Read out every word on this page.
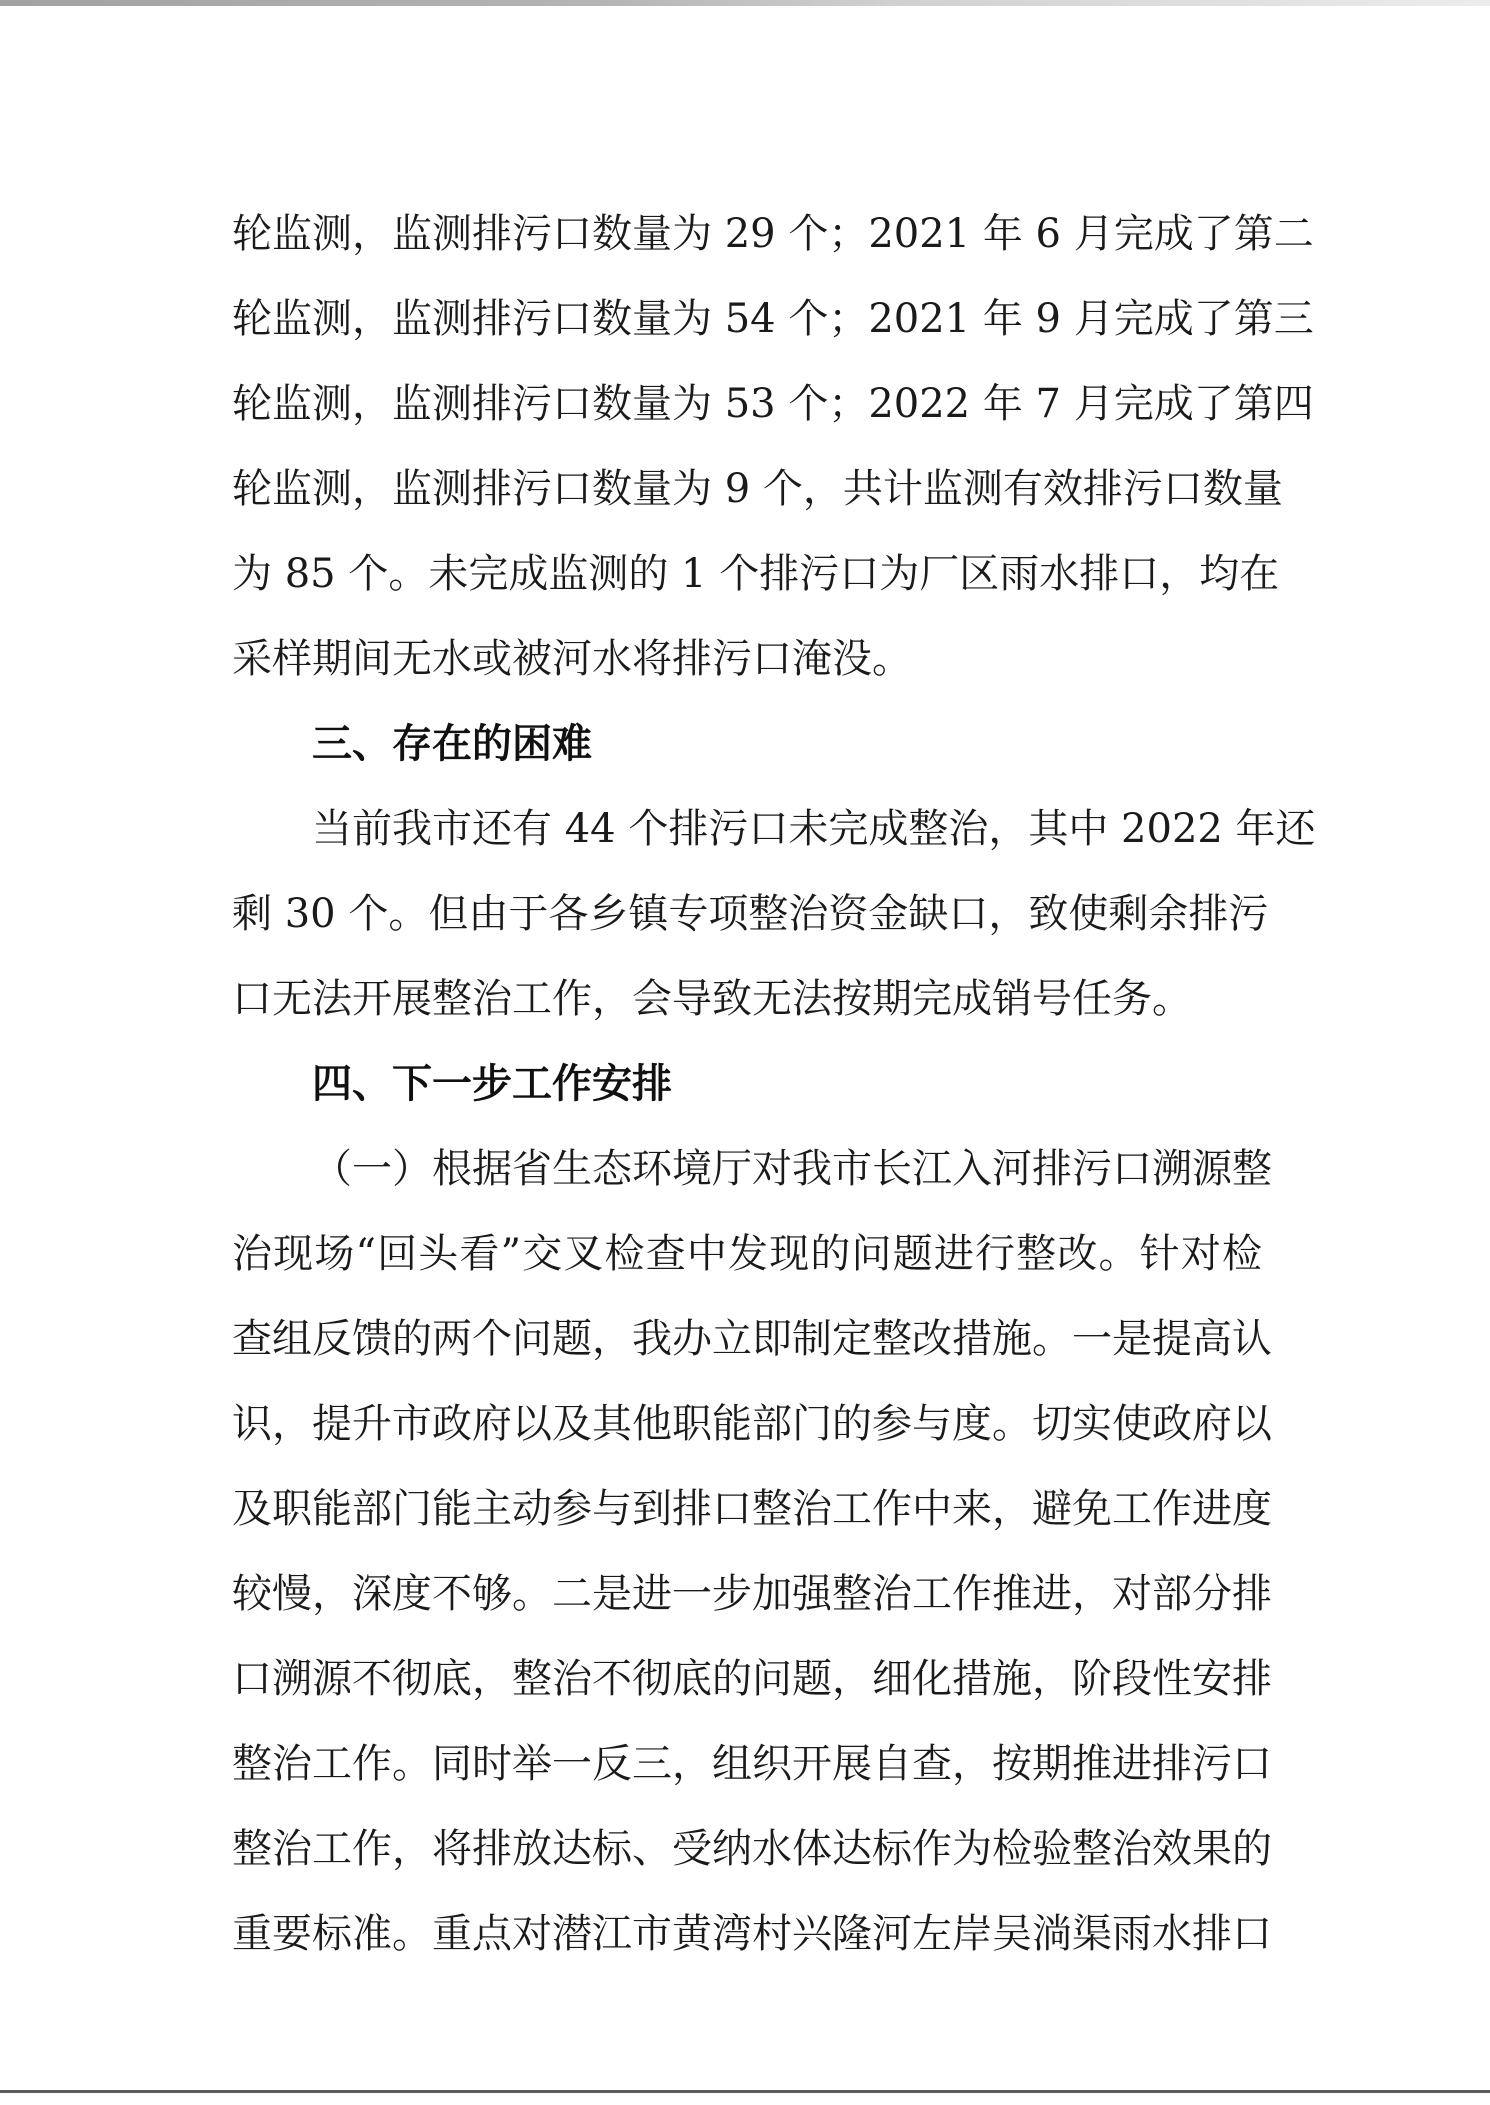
轮监测，监测排污口数量为 29 个；2021 年 6 月完成了第二
轮监测，监测排污口数量为 54 个；2021 年 9 月完成了第三
轮监测，监测排污口数量为 53 个；2022 年 7 月完成了第四
轮监测，监测排污口数量为 9 个，共计监测有效排污口数量
为 85 个。未完成监测的 1 个排污口为厂区雨水排口，均在
采样期间无水或被河水将排污口淹没。
三、存在的困难
当前我市还有 44 个排污口未完成整治，其中 2022 年还
剩 30 个。但由于各乡镇专项整治资金缺口，致使剩余排污
口无法开展整治工作，会导致无法按期完成销号任务。
四、下一步工作安排
（一）根据省生态环境厅对我市长江入河排污口溯源整
治现场“回头看”交叉检查中发现的问题进行整改。针对检
查组反馈的两个问题，我办立即制定整改措施。一是提高认
识，提升市政府以及其他职能部门的参与度。切实使政府以
及职能部门能主动参与到排口整治工作中来，避免工作进度
较慢，深度不够。二是进一步加强整治工作推进，对部分排
口溯源不彻底，整治不彻底的问题，细化措施，阶段性安排
整治工作。同时举一反三，组织开展自查，按期推进排污口
整治工作，将排放达标、受纳水体达标作为检验整治效果的
重要标准。重点对潜江市黄湾村兴隆河左岸吴淌渠雨水排口
